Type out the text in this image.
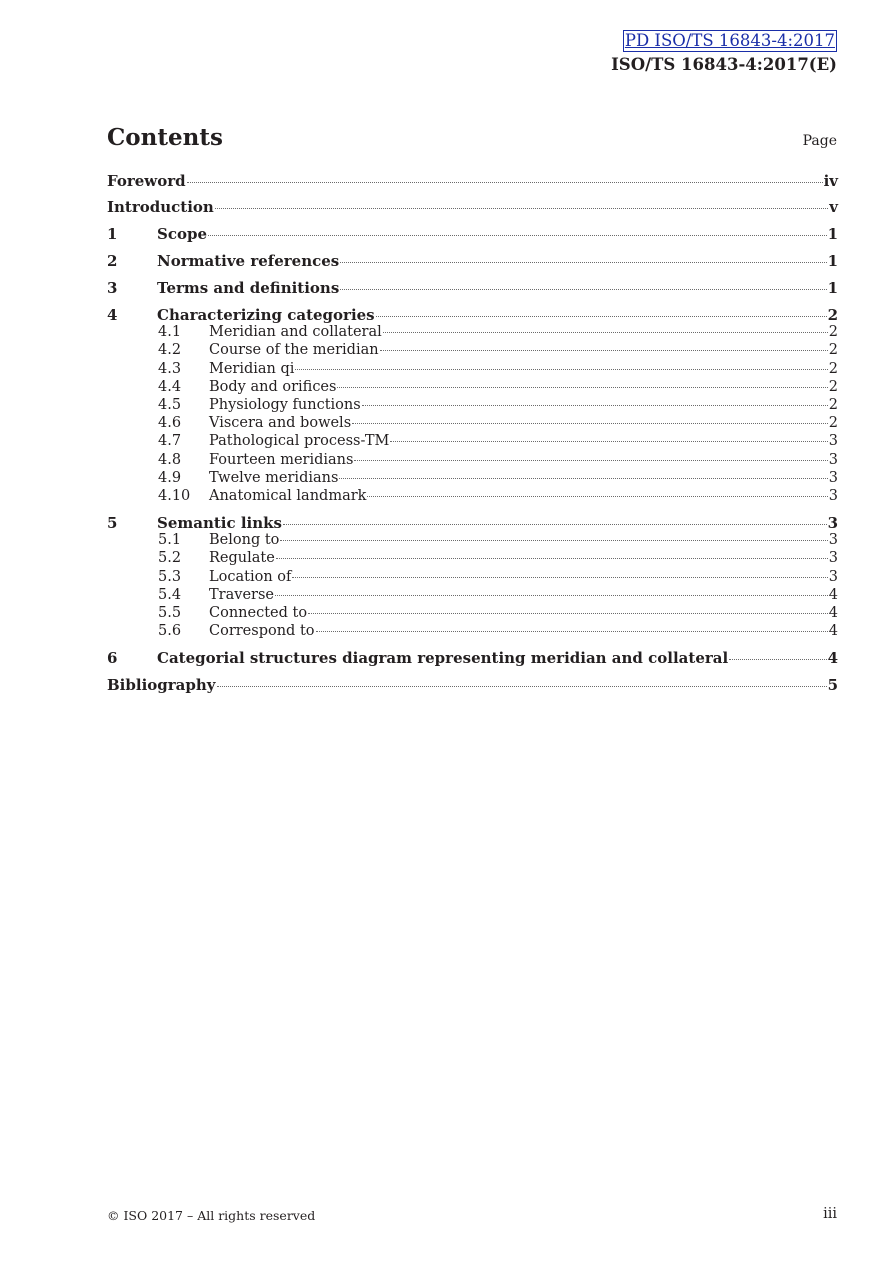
PD ISO/TS 16843-4:2017
ISO/TS 16843-4:2017(E)
Contents	Page
Foreword	iv
Introduction	v
1	Scope	1
2	Normative references	1
3	Terms and definitions	1
4	Characterizing categories	2
4.1	Meridian and collateral	2
4.2	Course of the meridian	2
4.3	Meridian qi	2
4.4	Body and orifices	2
4.5	Physiology functions	2
4.6	Viscera and bowels	2
4.7	Pathological process-TM	3
4.8	Fourteen meridians	3
4.9	Twelve meridians	3
4.10	Anatomical landmark	3
5	Semantic links	3
5.1	Belong to	3
5.2	Regulate	3
5.3	Location of	3
5.4	Traverse	4
5.5	Connected to	4
5.6	Correspond to	4
6	Categorial structures diagram representing meridian and collateral	4
Bibliography	5
© ISO 2017 – All rights reserved	iii
